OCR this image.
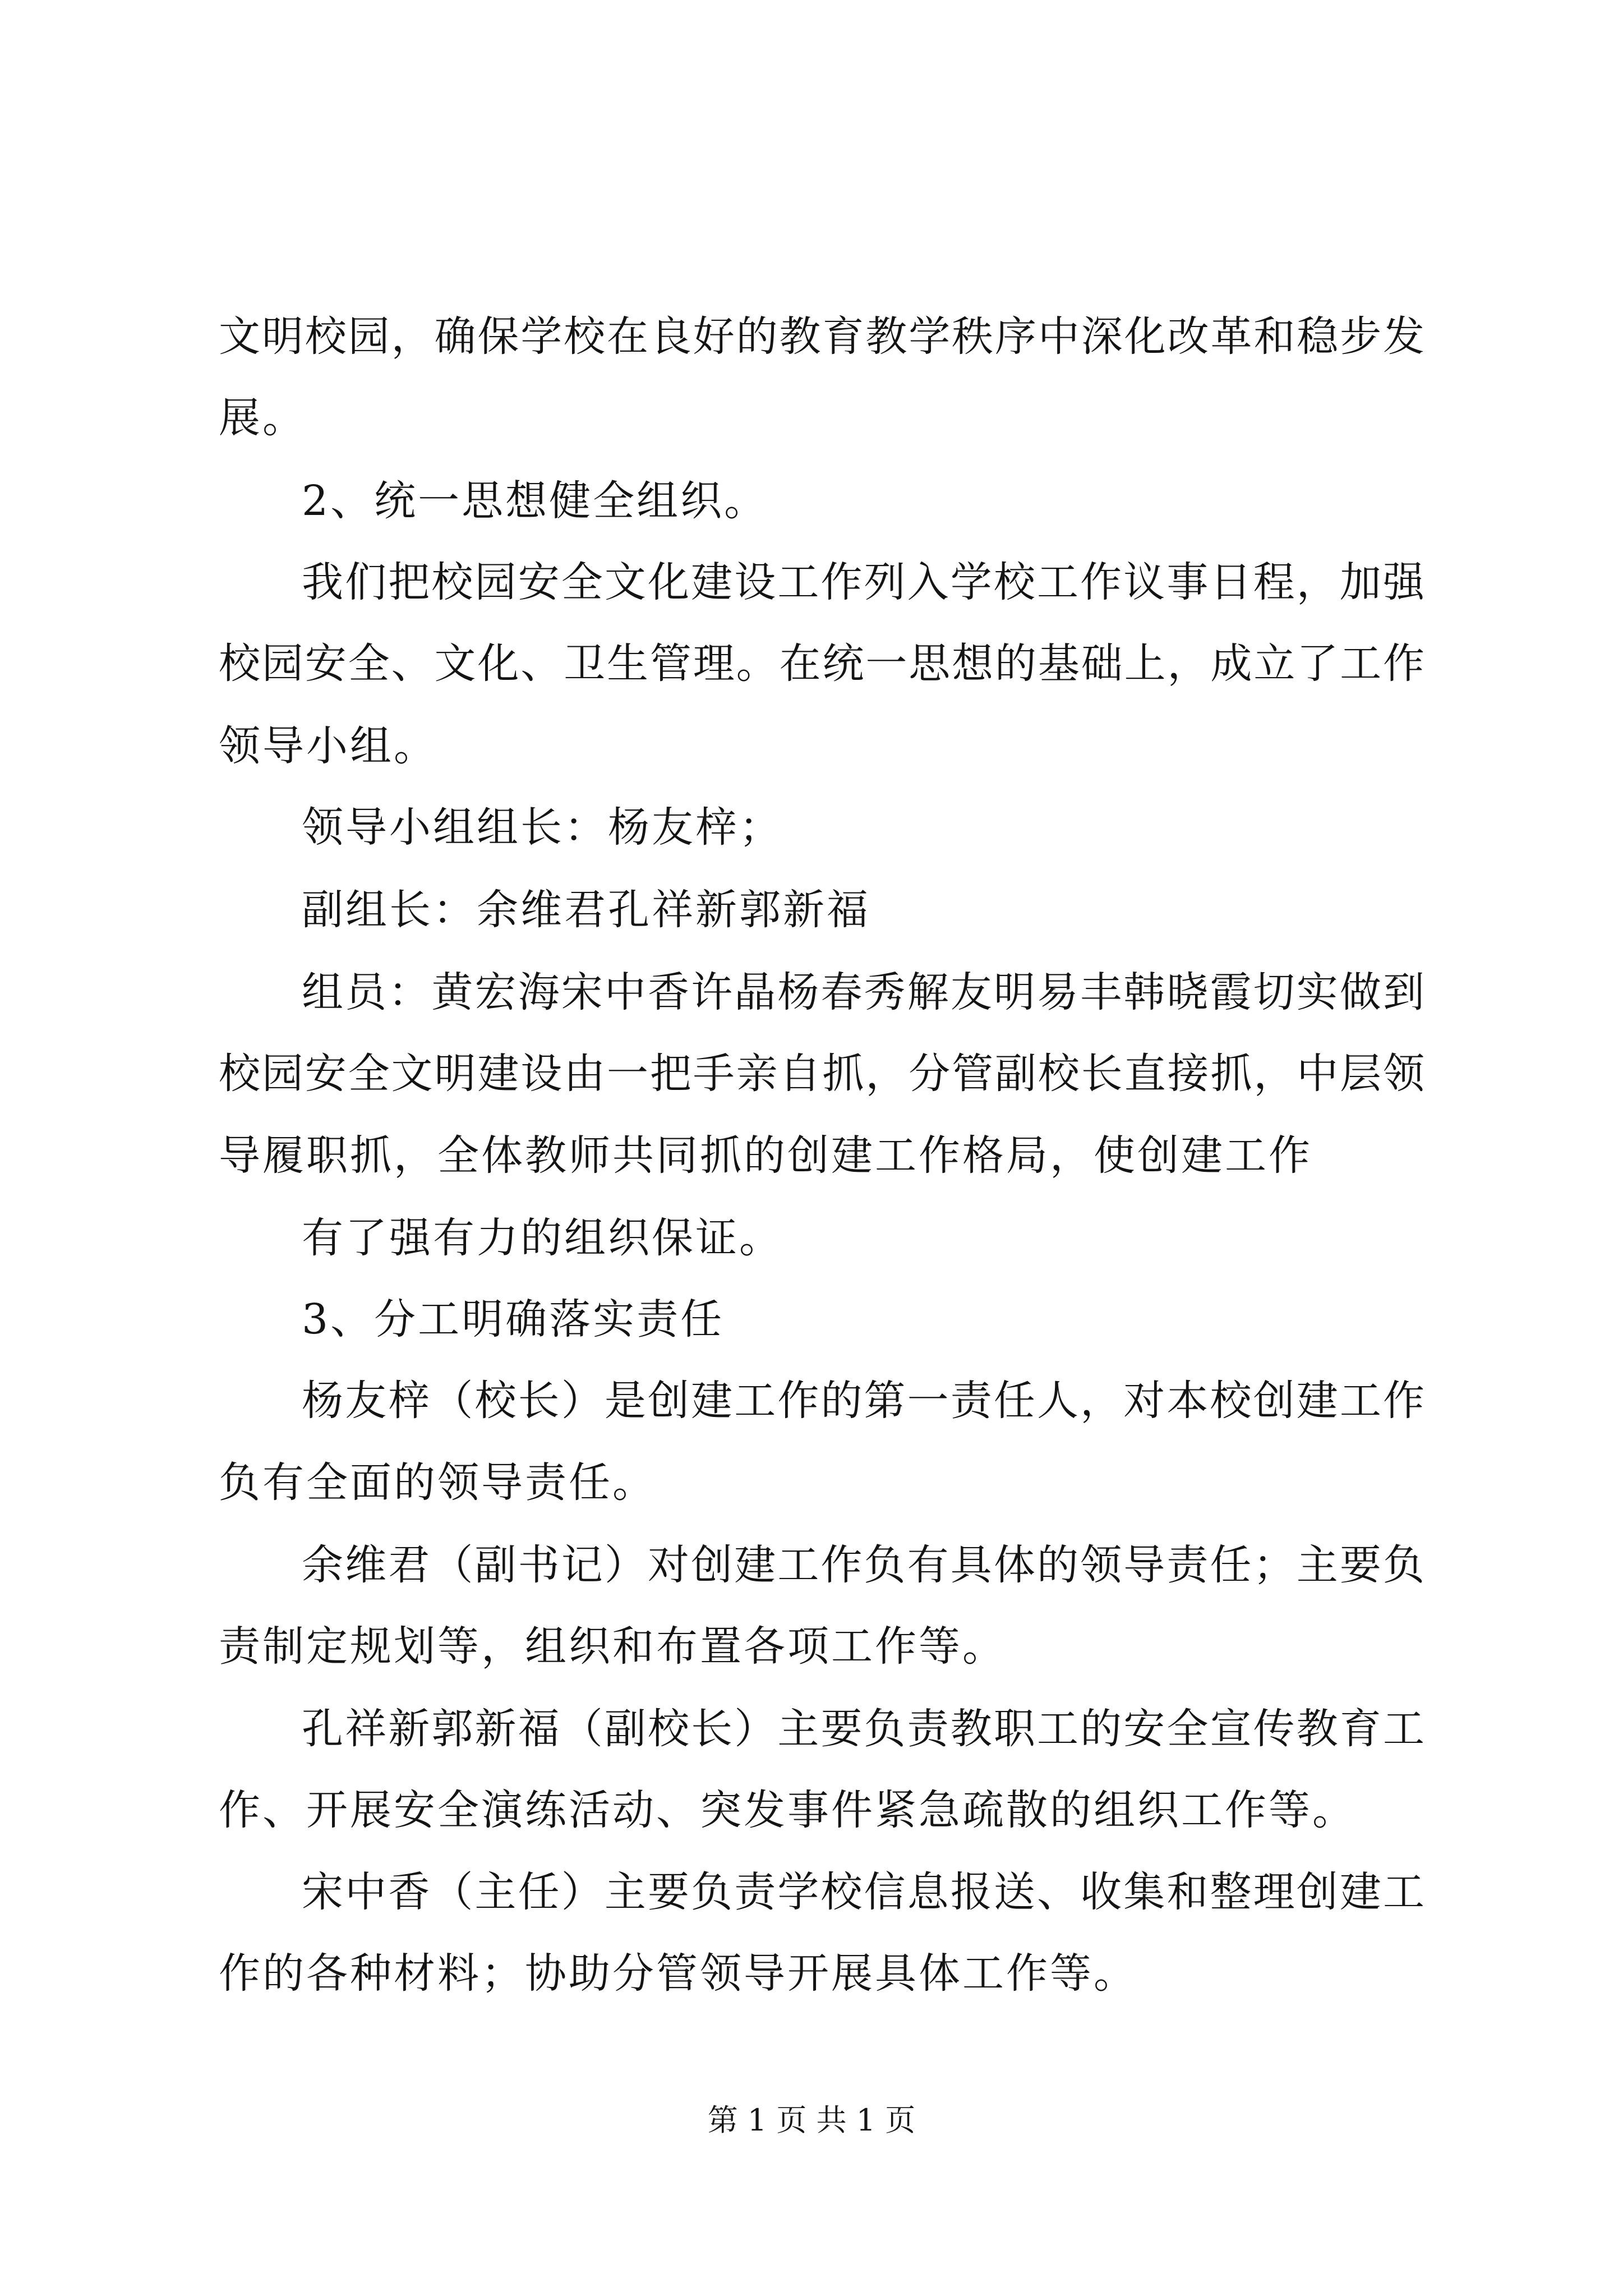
文明校园，确保学校在良好的教育教学秩序中深化改革和稳步发
展。
2、统一思想健全组织。
我们把校园安全文化建设工作列入学校工作议事日程，加强
校园安全、文化、卫生管理。在统一思想的基础上，成立了工作
领导小组。
领导小组组长：杨友梓；
副组长：余维君孔祥新郭新福
组员：黄宏海宋中香许晶杨春秀解友明易丰韩晓霞切实做到
校园安全文明建设由一把手亲自抓，分管副校长直接抓，中层领
导履职抓，全体教师共同抓的创建工作格局，使创建工作
有了强有力的组织保证。
3、分工明确落实责任
杨友梓（校长）是创建工作的第一责任人，对本校创建工作
负有全面的领导责任。
余维君（副书记）对创建工作负有具体的领导责任；主要负
责制定规划等，组织和布置各项工作等。
孔祥新郭新福（副校长）主要负责教职工的安全宣传教育工
作、开展安全演练活动、突发事件紧急疏散的组织工作等。
宋中香（主任）主要负责学校信息报送、收集和整理创建工
作的各种材料；协助分管领导开展具体工作等。
第 1 页 共 1 页
